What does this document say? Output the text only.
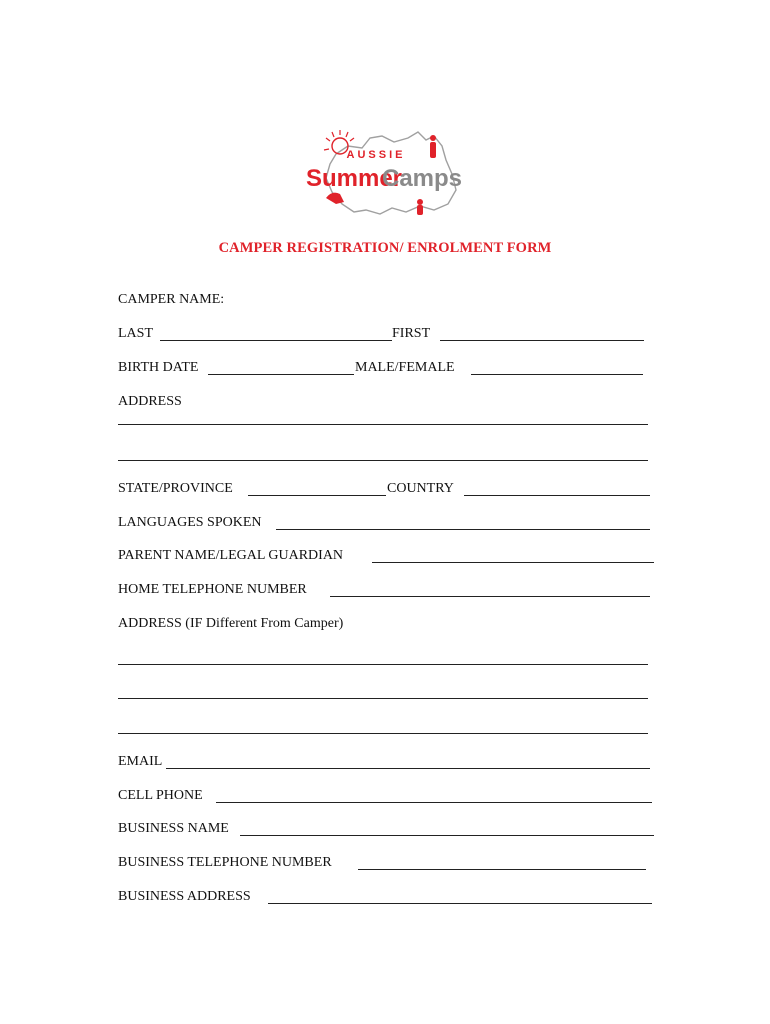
AUSSIE
Summer
Camps
CAMPER REGISTRATION/ ENROLMENT FORM
CAMPER NAME:
LAST	FIRST
BIRTH DATE	MALE/FEMALE
ADDRESS
STATE/PROVINCE	COUNTRY
LANGUAGES SPOKEN
PARENT NAME/LEGAL GUARDIAN
HOME TELEPHONE NUMBER
ADDRESS (IF Different From Camper)
EMAIL
CELL PHONE
BUSINESS NAME
BUSINESS TELEPHONE NUMBER
BUSINESS ADDRESS
